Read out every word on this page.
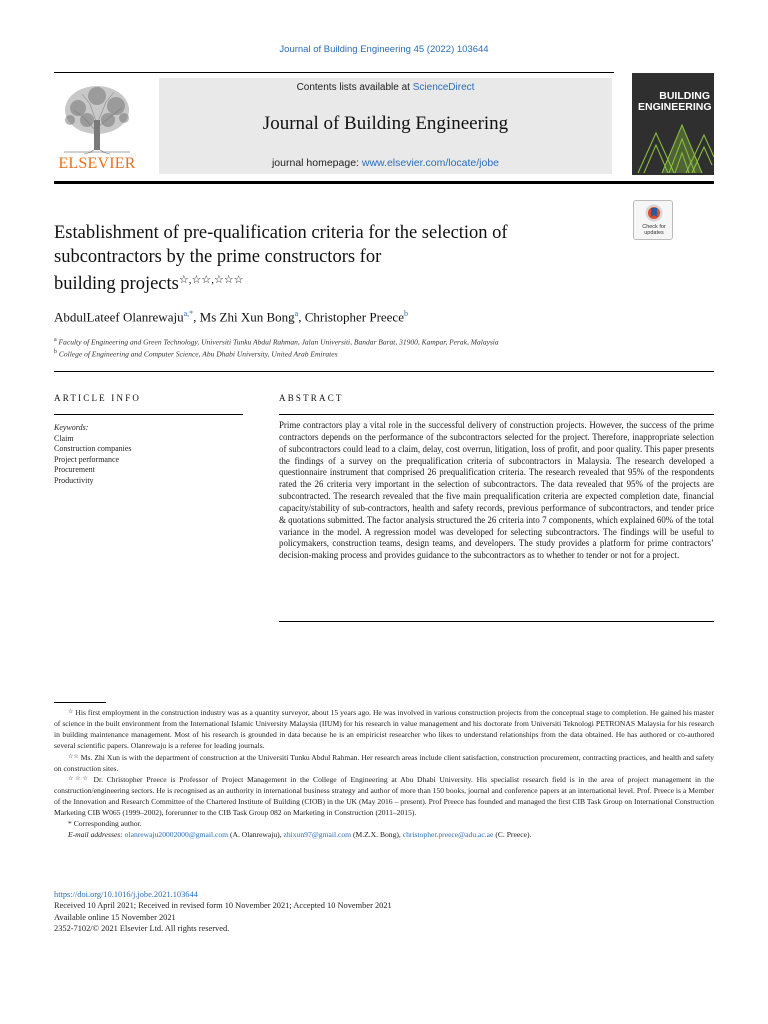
Journal of Building Engineering 45 (2022) 103644
ELSEVIER
Contents lists available at ScienceDirect
Journal of Building Engineering
journal homepage: www.elsevier.com/locate/jobe
BUILDING
ENGINEERING
Check for
updates
Establishment of pre-qualification criteria for the selection of
subcontractors by the prime constructors for
building projects☆,☆☆,☆☆☆
AbdulLateef Olanrewaju$^{a,*}$, Ms Zhi Xun Bong$^a$, Christopher Preece$^b$
$^a$ Faculty of Engineering and Green Technology, Universiti Tunku Abdul Rahman, Jalan Universiti, Bandar Barat, 31900, Kampar, Perak, Malaysia
$^b$ College of Engineering and Computer Science, Abu Dhabi University, United Arab Emirates
ARTICLE INFO
Keywords:
Claim
Construction companies
Project performance
Procurement
Productivity
ABSTRACT
Prime contractors play a vital role in the successful delivery of construction projects. However, the success of the prime contractors depends on the performance of the subcontractors selected for the project. Therefore, inappropriate selection of subcontractors could lead to a claim, delay, cost overrun, litigation, loss of profit, and poor quality. This paper presents the findings of a survey on the prequalification criteria of subcontractors in Malaysia. The research developed a questionnaire instrument that comprised 26 prequalification criteria. The research revealed that 95% of the respondents rated the 26 criteria very important in the selection of subcontractors. The data revealed that 95% of the projects are subcontracted. The research revealed that the five main prequalification criteria are expected completion date, financial capacity/stability of sub-contractors, health and safety records, previous performance of subcontractors, and tender price & quotations submitted. The factor analysis structured the 26 criteria into 7 components, which explained 60% of the total variance in the model. A regression model was developed for selecting subcontractors. The findings will be useful to policymakers, construction teams, design teams, and developers. The study provides a platform for prime contractors’ decision-making process and provides guidance to the subcontractors as to whether to tender or not for a project.

☆ His first employment in the construction industry was as a quantity surveyor, about 15 years ago. He was involved in various construction projects from the conceptual stage to completion. He gained his master of science in the built environment from the International Islamic University Malaysia (IIUM) for his research in value management and his doctorate from Universiti Teknologi PETRONAS Malaysia for his research in building maintenance management. Most of his research is grounded in data because he is an empiricist researcher who likes to understand relationships from the data obtained. He has authored or co-authored several scientific papers. Olanrewaju is a referee for leading journals.

☆☆ Ms. Zhi Xun is with the department of construction at the Universiti Tunku Abdul Rahman. Her research areas include client satisfaction, construction procurement, contracting practices, and health and safety on construction sites.

☆☆☆ Dr. Christopher Preece is Professor of Project Management in the College of Engineering at Abu Dhabi University. His specialist research field is in the area of project management in the construction/engineering sectors. He is recognised as an authority in international business strategy and author of more than 150 books, journal and conference papers at an international level. Prof. Preece is a Member of the Innovation and Research Committee of the Chartered Institute of Building (CIOB) in the UK (May 2016 – present). Prof Preece has founded and managed the first CIB Task Group on International Construction Marketing CIB W065 (1999–2002), forerunner to the CIB Task Group 082 on Marketing in Construction (2011–2015).

* Corresponding author.

E-mail addresses: olanrewaju20002000@gmail.com (A. Olanrewaju), zhixun97@gmail.com (M.Z.X. Bong), christopher.preece@adu.ac.ae (C. Preece).

https://doi.org/10.1016/j.jobe.2021.103644
Received 10 April 2021; Received in revised form 10 November 2021; Accepted 10 November 2021
Available online 15 November 2021
2352-7102/© 2021 Elsevier Ltd. All rights reserved.
